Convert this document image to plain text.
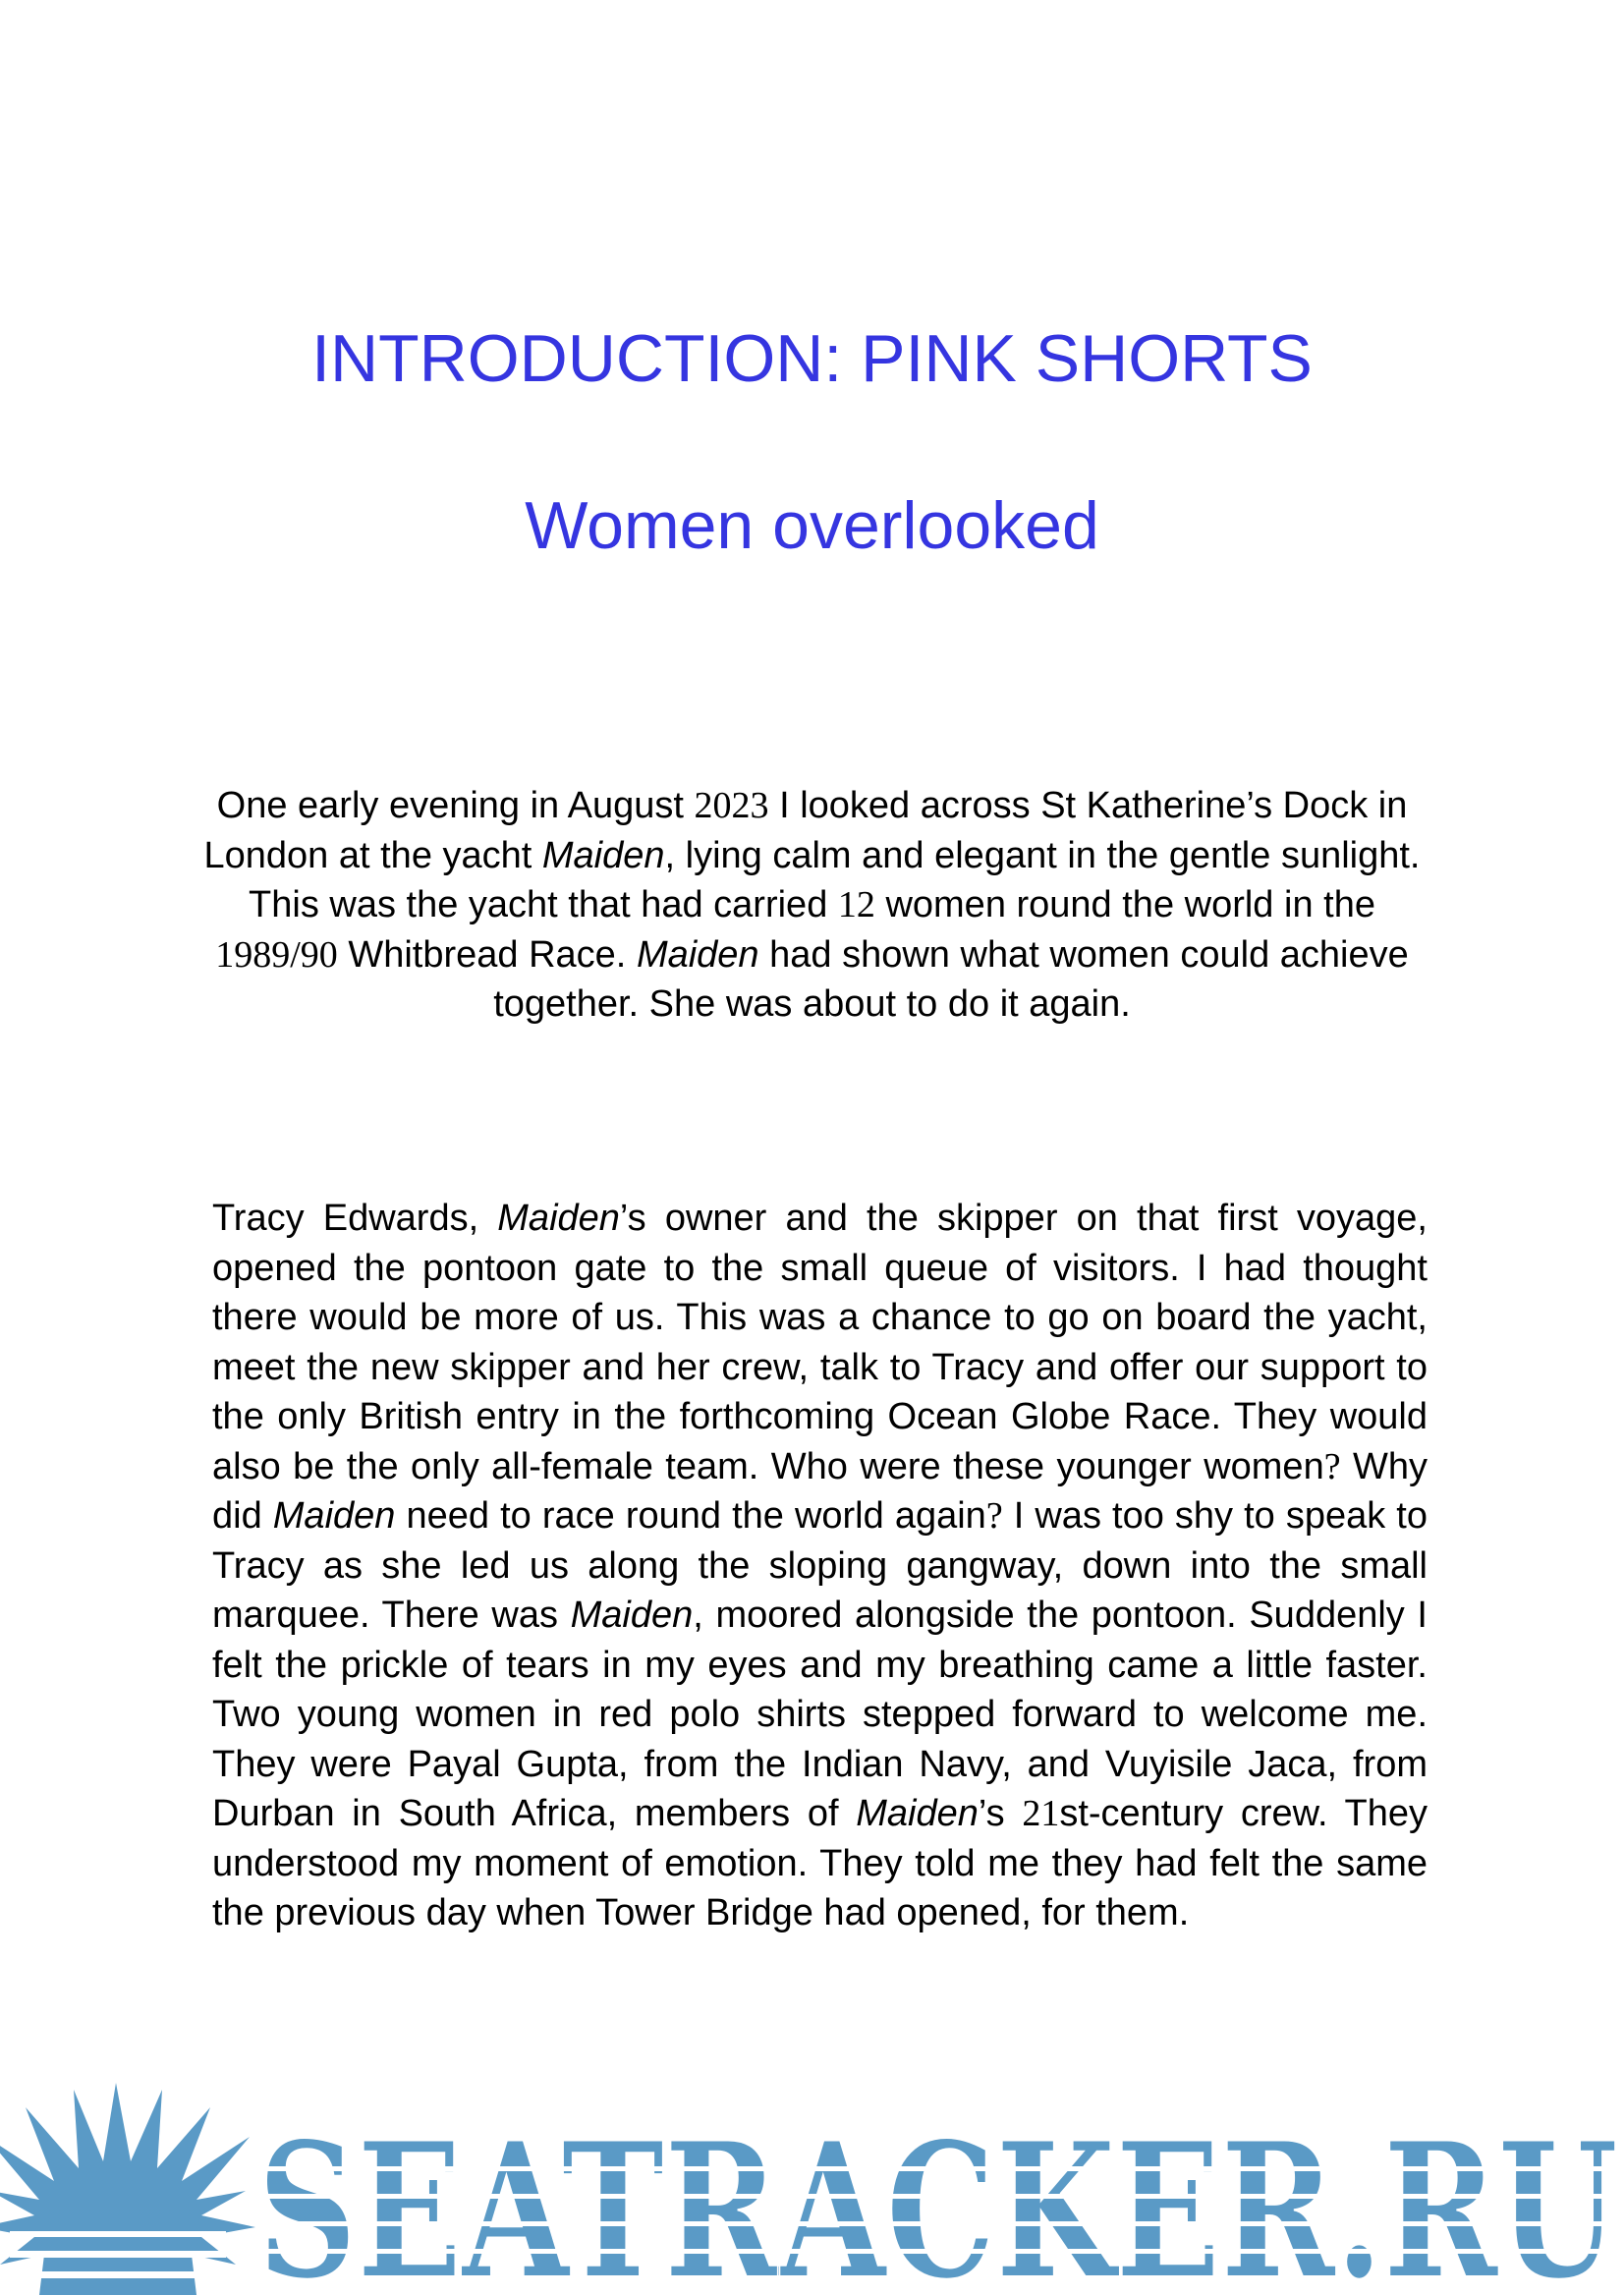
INTRODUCTION: PINK SHORTS
Women overlooked

One early evening in August 2023 I looked across St Katherine’s Dock in London at the yacht Maiden, lying calm and elegant in the gentle sunlight. This was the yacht that had carried 12 women round the world in the 1989/90 Whitbread Race. Maiden had shown what women could achieve together. She was about to do it again.

Tracy Edwards, Maiden’s owner and the skipper on that first voyage, opened the pontoon gate to the small queue of visitors. I had thought there would be more of us. This was a chance to go on board the yacht, meet the new skipper and her crew, talk to Tracy and offer our support to the only British entry in the forthcoming Ocean Globe Race. They would also be the only all-female team. Who were these younger women? Why did Maiden need to race round the world again? I was too shy to speak to Tracy as she led us along the sloping gangway, down into the small marquee. There was Maiden, moored alongside the pontoon. Suddenly I felt the prickle of tears in my eyes and my breathing came a little faster. Two young women in red polo shirts stepped forward to welcome me. They were Payal Gupta, from the Indian Navy, and Vuyisile Jaca, from Durban in South Africa, members of Maiden’s 21st-century crew. They understood my moment of emotion. They told me they had felt the same the previous day when Tower Bridge had opened, for them.
